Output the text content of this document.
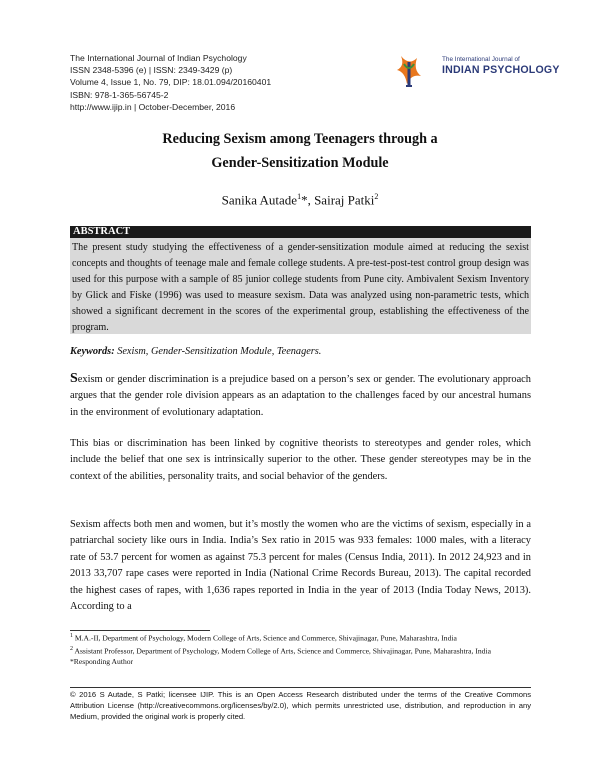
The International Journal of Indian Psychology
ISSN 2348-5396 (e) | ISSN: 2349-3429 (p)
Volume 4, Issue 1, No. 79, DIP: 18.01.094/20160401
ISBN: 978-1-365-56745-2
http://www.ijip.in | October-December, 2016
The International Journal of
INDIAN PSYCHOLOGY
Reducing Sexism among Teenagers through a
Gender-Sensitization Module
Sanika Autade$^1$*, Sairaj Patki$^2$
ABSTRACT
The present study studying the effectiveness of a gender-sensitization module aimed at reducing the sexist concepts and thoughts of teenage male and female college students. A pre-test-post-test control group design was used for this purpose with a sample of 85 junior college students from Pune city. Ambivalent Sexism Inventory by Glick and Fiske (1996) was used to measure sexism. Data was analyzed using non-parametric tests, which showed a significant decrement in the scores of the experimental group, establishing the effectiveness of the program.
Keywords: Sexism, Gender-Sensitization Module, Teenagers.
Sexism or gender discrimination is a prejudice based on a person’s sex or gender. The evolutionary approach argues that the gender role division appears as an adaptation to the challenges faced by our ancestral humans in the environment of evolutionary adaptation.
This bias or discrimination has been linked by cognitive theorists to stereotypes and gender roles, which include the belief that one sex is intrinsically superior to the other. These gender stereotypes may be in the context of the abilities, personality traits, and social behavior of the genders.
Sexism affects both men and women, but it’s mostly the women who are the victims of sexism, especially in a patriarchal society like ours in India. India’s Sex ratio in 2015 was 933 females: 1000 males, with a literacy rate of 53.7 percent for women as against 75.3 percent for males (Census India, 2011). In 2012 24,923 and in 2013 33,707 rape cases were reported in India (National Crime Records Bureau, 2013). The capital recorded the highest cases of rapes, with 1,636 rapes reported in India in the year of 2013 (India Today News, 2013). According to a
$^1$ M.A.-II, Department of Psychology, Modern College of Arts, Science and Commerce, Shivajinagar, Pune, Maharashtra, India
$^2$ Assistant Professor, Department of Psychology, Modern College of Arts, Science and Commerce, Shivajinagar, Pune, Maharashtra, India
*Responding Author
© 2016 S Autade, S Patki; licensee IJIP. This is an Open Access Research distributed under the terms of the Creative Commons Attribution License (http://creativecommons.org/licenses/by/2.0), which permits unrestricted use, distribution, and reproduction in any Medium, provided the original work is properly cited.
